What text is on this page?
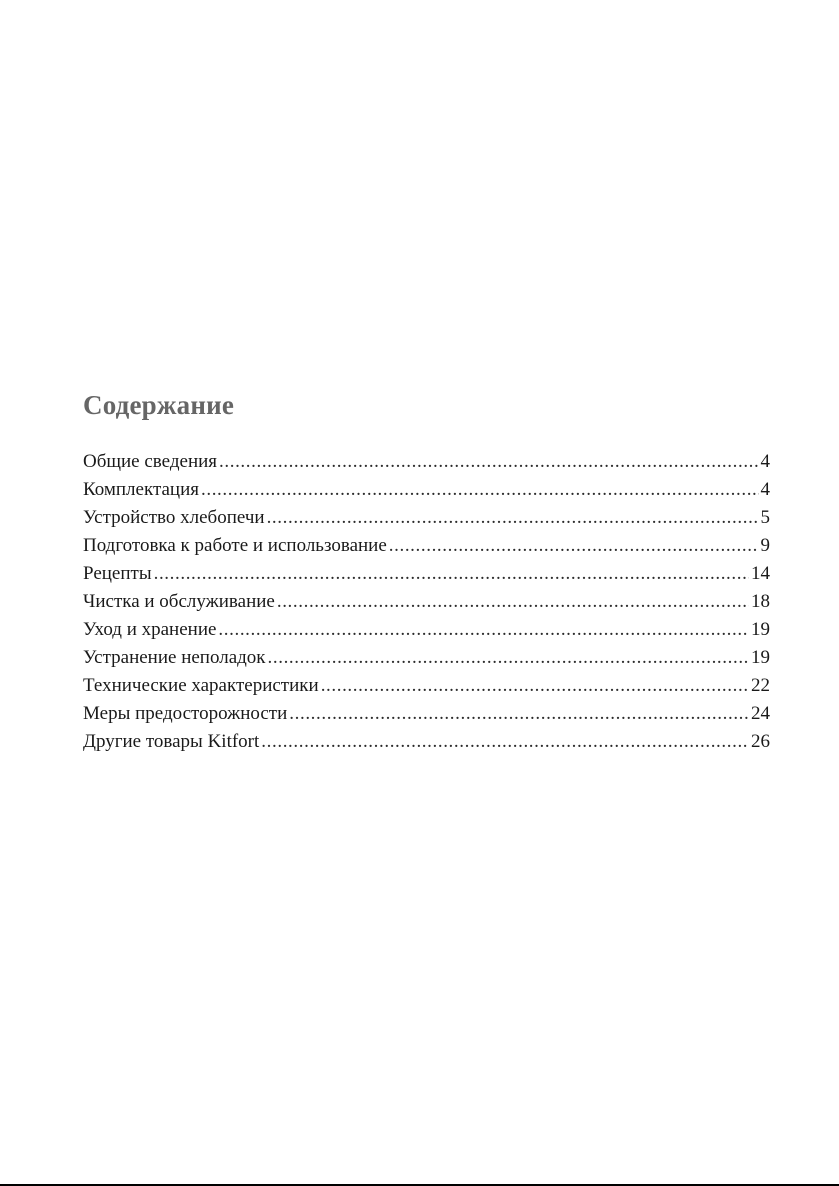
Содержание
Общие сведения .....	4
Комплектация .....	4
Устройство хлебопечи .....	5
Подготовка к работе и использование .....	9
Рецепты .....	14
Чистка и обслуживание .....	18
Уход и хранение .....	19
Устранение неполадок .....	19
Технические характеристики .....	22
Меры предосторожности .....	24
Другие товары Kitfort .....	26
